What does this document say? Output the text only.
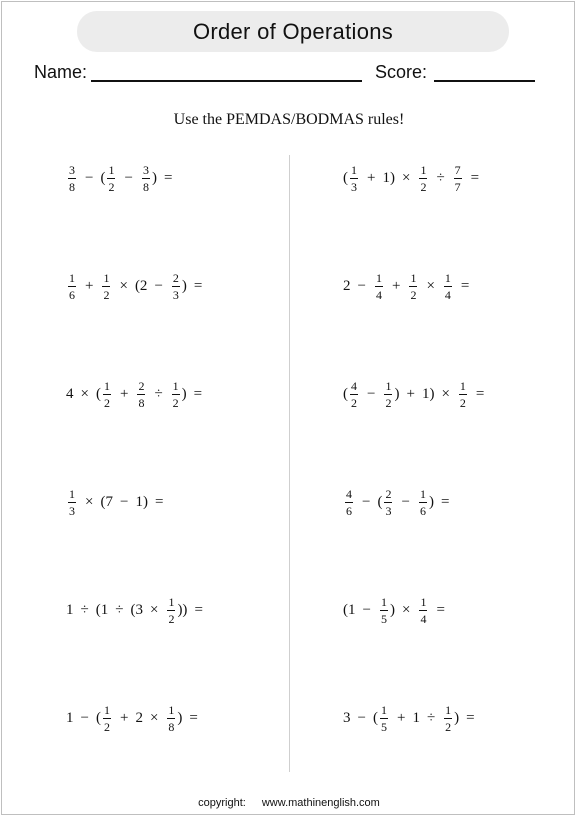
Order of Operations
Name:	Score:
Use the PEMDAS/BODMAS rules!
$\frac{3}{8}$ − ( $\frac{1}{2} - \frac{3}{8}$ ) =
$\frac{1}{6} + \frac{1}{2} \times (2 - \frac{2}{3}$ ) =
4 × ( $\frac{1}{2} + \frac{2}{8} \div \frac{1}{2}$ ) =
$\frac{1}{3} \times (7 - 1)$ =
$1 \div (1 \div (3 \times \frac{1}{2}$ )) =
1 − ( $\frac{1}{2} + 2 \times \frac{1}{8}$ ) =
( $\frac{1}{3} + 1) \times \frac{1}{2} \div \frac{7}{7}$ =
$2 - \frac{1}{4} + \frac{1}{2} \times \frac{1}{4}$ =
( $\frac{4}{2} - \frac{1}{2}$ ) + $1) \times \frac{1}{2}$ =
$\frac{4}{6}$ − ( $\frac{2}{3} - \frac{1}{6}$ ) =
($1 - \frac{1}{5}$ ) × $\frac{1}{4}$ =
3 − ( $\frac{1}{5} + 1 \div \frac{1}{2}$ ) =
copyright: www.mathinenglish.com
